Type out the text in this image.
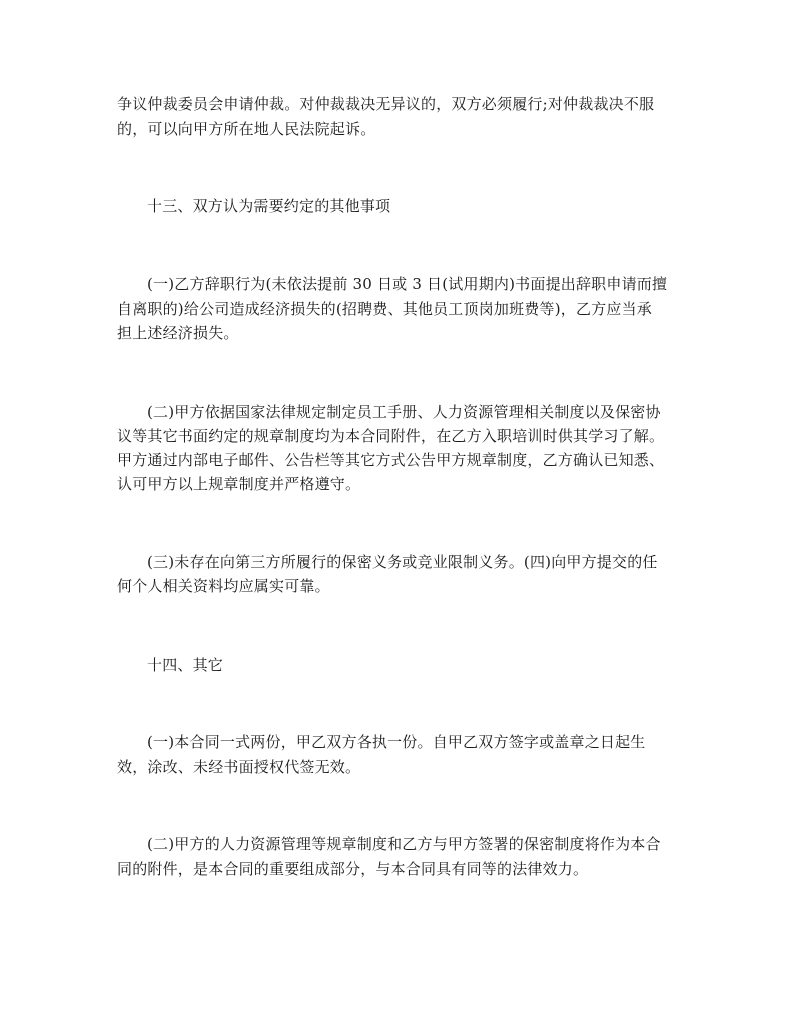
争议仲裁委员会申请仲裁。对仲裁裁决无异议的，双方必须履行;对仲裁裁决不服
的，可以向甲方所在地人民法院起诉。
十三、双方认为需要约定的其他事项
(一)乙方辞职行为(未依法提前 30 日或 3 日(试用期内)书面提出辞职申请而擅
自离职的)给公司造成经济损失的(招聘费、其他员工顶岗加班费等)，乙方应当承
担上述经济损失。
(二)甲方依据国家法律规定制定员工手册、人力资源管理相关制度以及保密协
议等其它书面约定的规章制度均为本合同附件，在乙方入职培训时供其学习了解。
甲方通过内部电子邮件、公告栏等其它方式公告甲方规章制度，乙方确认已知悉、
认可甲方以上规章制度并严格遵守。
(三)未存在向第三方所履行的保密义务或竞业限制义务。(四)向甲方提交的任
何个人相关资料均应属实可靠。
十四、其它
(一)本合同一式两份，甲乙双方各执一份。自甲乙双方签字或盖章之日起生
效，涂改、未经书面授权代签无效。
(二)甲方的人力资源管理等规章制度和乙方与甲方签署的保密制度将作为本合
同的附件，是本合同的重要组成部分，与本合同具有同等的法律效力。
